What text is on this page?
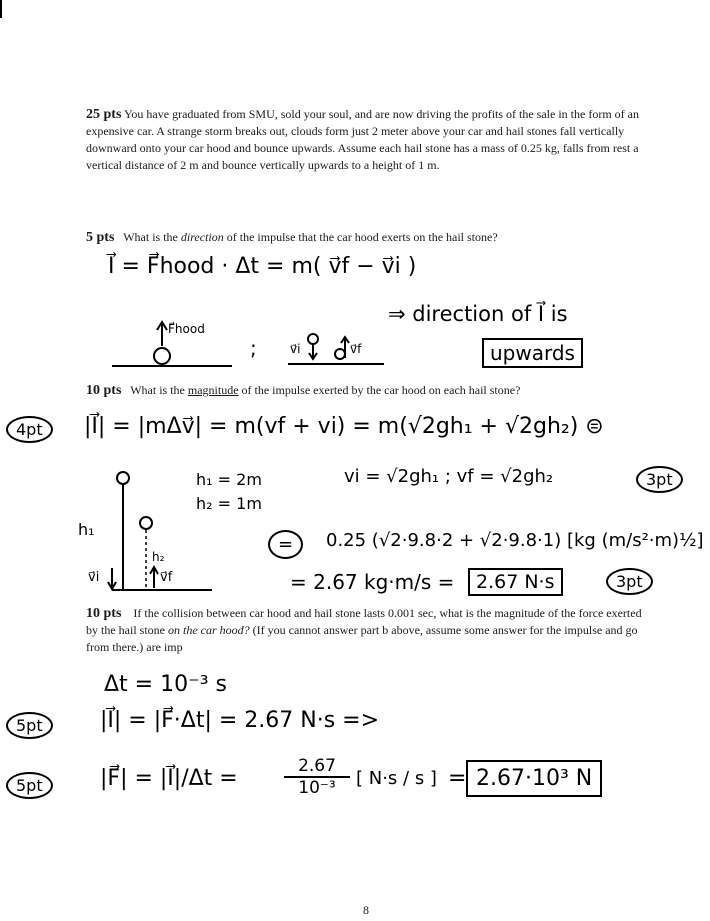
25 pts You have graduated from SMU, sold your soul, and are now driving the profits of the sale in the form of an expensive car. A strange storm breaks out, clouds form just 2 meter above your car and hail stones fall vertically downward onto your car hood and bounce upwards. Assume each hail stone has a mass of 0.25 kg, falls from rest a vertical distance of 2 m and bounce vertically upwards to a height of 1 m.
5 pts What is the direction of the impulse that the car hood exerts on the hail stone?
I⃗ = F⃗hood · Δt = m( v⃗f − v⃗i )
⇒ direction of I⃗ is
upwards
F⃗hood
;	v⃗i	v⃗f
10 pts What is the magnitude of the impulse exerted by the car hood on each hail stone?
4pt	|I⃗| = |mΔv⃗| = m(vf + vi) = m(√2gh₁ + √2gh₂) ⊜
h₁
h₂
v⃗i	v⃗f
h₁ = 2m
h₂ = 1m
vi = √2gh₁ ; vf = √2gh₂	3pt
=	0.25 (√2·9.8·2 + √2·9.8·1) [kg (m/s²·m)½]
= 2.67 kg·m/s =	2.67 N·s	3pt
10 pts If the collision between car hood and hail stone lasts 0.001 sec, what is the magnitude of the force exerted by the hail stone on the car hood? (If you cannot answer part b above, assume some answer for the impulse and go from there.) are imp
Δt = 10⁻³ s
5pt	|I⃗| = |F⃗·Δt| = 2.67 N·s =>
5pt	|F⃗| = |I⃗|/Δt =	$\frac{2.67}{\text{10⁻³}}$ [ N·s / s ] = 2.67·10³ N
8
